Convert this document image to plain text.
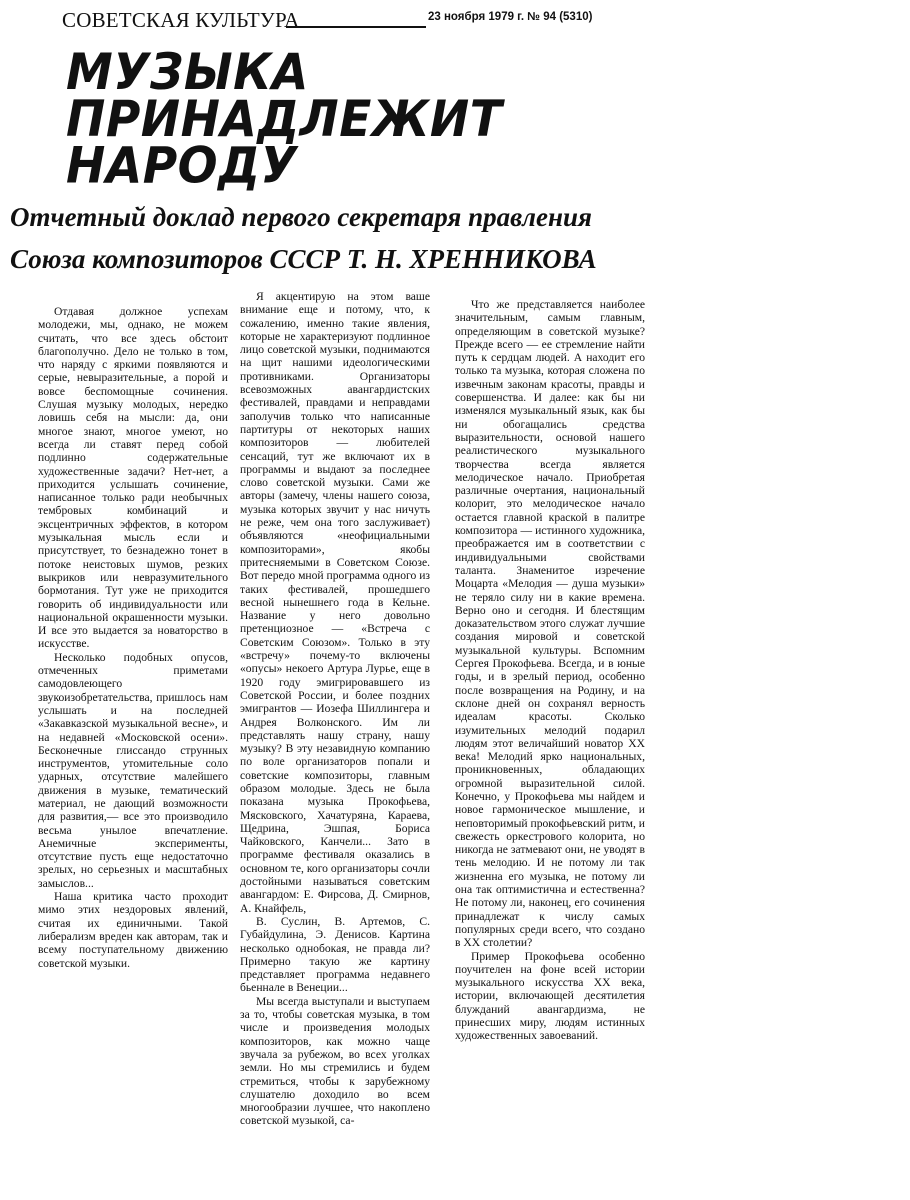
СОВЕТСКАЯ КУЛЬТУРА	23 ноября 1979 г. № 94 (5310)
МУЗЫКА
ПРИНАДЛЕЖИТ
НАРОДУ
Отчетный доклад первого секретаря правления
Союза композиторов СССР Т. Н. ХРЕННИКОВА

Отдавая должное успехам молодежи, мы, однако, не можем считать, что все здесь обстоит благополучно. Дело не только в том, что наряду с яркими появляются и серые, невыразительные, а порой и вовсе беспомощные сочинения. Слушая музыку молодых, нередко ловишь себя на мысли: да, они многое знают, многое умеют, но всегда ли ставят перед собой подлинно содержательные художественные задачи? Нет-нет, а приходится услышать сочинение, написанное только ради необычных тембровых комбинаций и эксцентричных эффектов, в котором музыкальная мысль если и присутствует, то безнадежно тонет в потоке неистовых шумов, резких выкриков или невразумительного бормотания. Тут уже не приходится говорить об индивидуальности или национальной окрашенности музыки. И все это выдается за новаторство в искусстве.

Несколько подобных опусов, отмеченных приметами самодовлеющего звукоизобретательства, пришлось нам услышать и на последней «Закавказской музыкальной весне», и на недавней «Московской осени». Бесконечные глиссандо струнных инструментов, утомительные соло ударных, отсутствие малейшего движения в музыке, тематический материал, не дающий возможности для развития,— все это производило весьма унылое впечатление. Анемичные эксперименты, отсутствие пусть еще недостаточно зрелых, но серьезных и масштабных замыслов...

Наша критика часто проходит мимо этих нездоровых явлений, считая их единичными. Такой либерализм вреден как авторам, так и всему поступательному движению советской музыки.

Я акцентирую на этом ваше внимание еще и потому, что, к сожалению, именно такие явления, которые не характеризуют подлинное лицо советской музыки, поднимаются на щит нашими идеологическими противниками. Организаторы всевозможных авангардистских фестивалей, правдами и неправдами заполучив только что написанные партитуры от некоторых наших композиторов — любителей сенсаций, тут же включают их в программы и выдают за последнее слово советской музыки. Сами же авторы (замечу, члены нашего союза, музыка которых звучит у нас ничуть не реже, чем она того заслуживает) объявляются «неофициальными композиторами», якобы притесняемыми в Советском Союзе. Вот передо мной программа одного из таких фестивалей, прошедшего весной нынешнего года в Кельне. Название у него довольно претенциозное — «Встреча с Советским Союзом». Только в эту «встречу» почему-то включены «опусы» некоего Артура Лурье, еще в 1920 году эмигрировавшего из Советской России, и более поздних эмигрантов — Иозефа Шиллингера и Андрея Волконского. Им ли представлять нашу страну, нашу музыку? В эту незавидную компанию по воле организаторов попали и советские композиторы, главным образом молодые. Здесь не была показана музыка Прокофьева, Мясковского, Хачатуряна, Караева, Щедрина, Эшпая, Бориса Чайковского, Канчели... Зато в программе фестиваля оказались в основном те, кого организаторы сочли достойными называться советским авангардом: Е. Фирсова, Д. Смирнов, А. Кнайфель,

В. Суслин, В. Артемов, С. Губайдулина, Э. Денисов. Картина несколько однобокая, не правда ли? Примерно такую же картину представляет программа недавнего бьеннале в Венеции...

Мы всегда выступали и выступаем за то, чтобы советская музыка, в том числе и произведения молодых композиторов, как можно чаще звучала за рубежом, во всех уголках земли. Но мы стремились и будем стремиться, чтобы к зарубежному слушателю доходило во всем многообразии лучшее, что накоплено советской музыкой, са-

Что же представляется наиболее значительным, самым главным, определяющим в советской музыке? Прежде всего — ее стремление найти путь к сердцам людей. А находит его только та музыка, которая сложена по извечным законам красоты, правды и совершенства. И далее: как бы ни изменялся музыкальный язык, как бы ни обогащались средства выразительности, основой нашего реалистического музыкального творчества всегда является мелодическое начало. Приобретая различные очертания, национальный колорит, это мелодическое начало остается главной краской в палитре композитора — истинного художника, преображается им в соответствии с индивидуальными свойствами таланта. Знаменитое изречение Моцарта «Мелодия — душа музыки» не теряло силу ни в какие времена. Верно оно и сегодня. И блестящим доказательством этого служат лучшие создания мировой и советской музыкальной культуры. Вспомним Сергея Прокофьева. Всегда, и в юные годы, и в зрелый период, особенно после возвращения на Родину, и на склоне дней он сохранял верность идеалам красоты. Сколько изумительных мелодий подарил людям этот величайший новатор XX века! Мелодий ярко национальных, проникновенных, обладающих огромной выразительной силой. Конечно, у Прокофьева мы найдем и новое гармоническое мышление, и неповторимый прокофьевский ритм, и свежесть оркестрового колорита, но никогда не затмевают они, не уводят в тень мелодию. И не потому ли так жизненна его музыка, не потому ли она так оптимистична и естественна? Не потому ли, наконец, его сочинения принадлежат к числу самых популярных среди всего, что создано в XX столетии?

Пример Прокофьева особенно поучителен на фоне всей истории музыкального искусства XX века, истории, включающей десятилетия блужданий авангардизма, не принесших миру, людям истинных художественных завоеваний.
